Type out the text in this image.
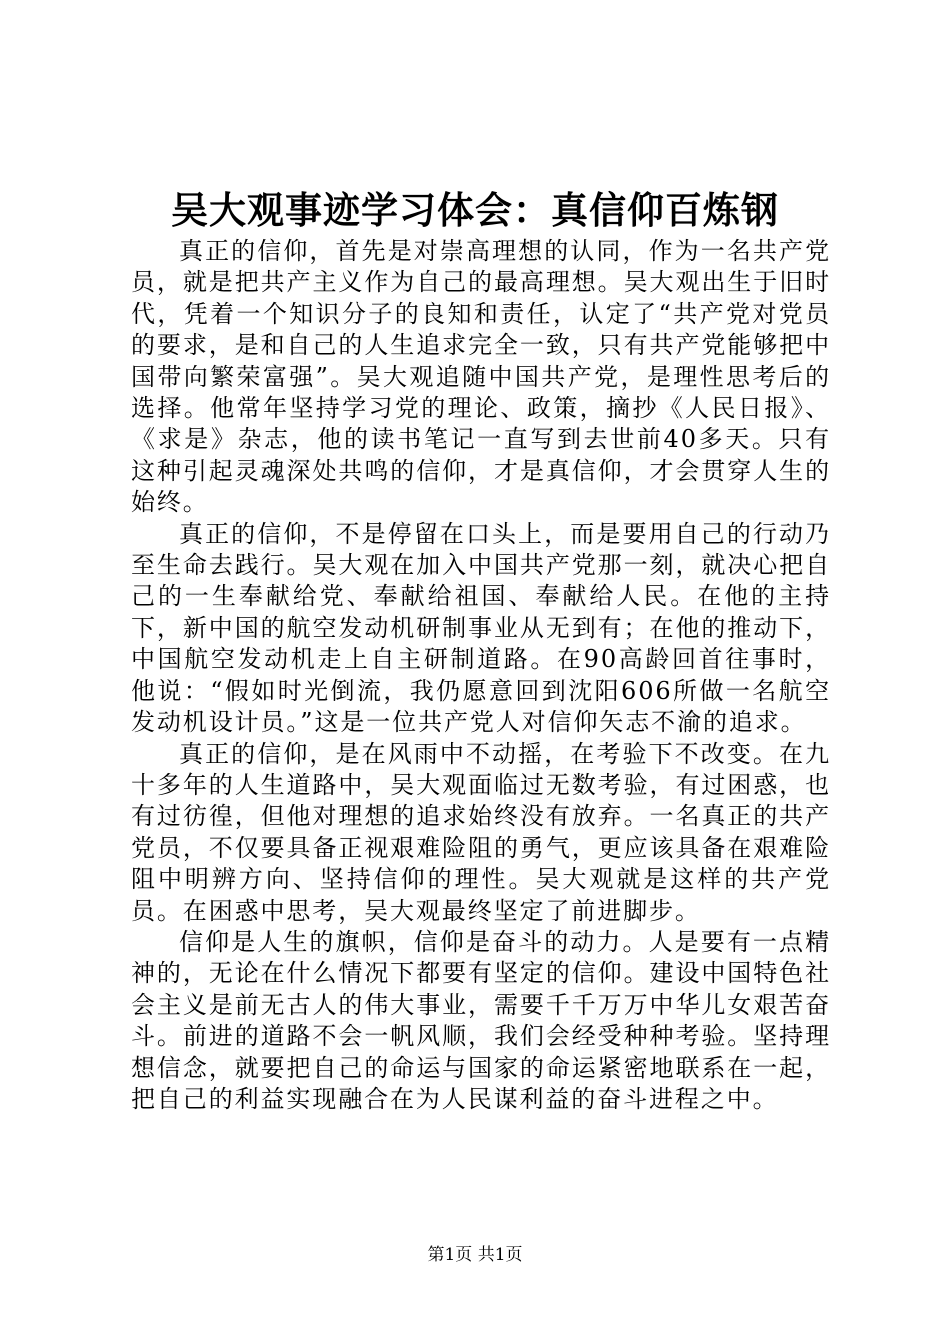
吴大观事迹学习体会：真信仰百炼钢

真正的信仰，首先是对崇高理想的认同，作为一名共产党员，就是把共产主义作为自己的最高理想。吴大观出生于旧时代，凭着一个知识分子的良知和责任，认定了“共产党对党员的要求，是和自己的人生追求完全一致，只有共产党能够把中国带向繁荣富强”。吴大观追随中国共产党，是理性思考后的选择。他常年坚持学习党的理论、政策，摘抄《人民日报》、《求是》杂志，他的读书笔记一直写到去世前40多天。只有这种引起灵魂深处共鸣的信仰，才是真信仰，才会贯穿人生的始终。

真正的信仰，不是停留在口头上，而是要用自己的行动乃至生命去践行。吴大观在加入中国共产党那一刻，就决心把自己的一生奉献给党、奉献给祖国、奉献给人民。在他的主持下，新中国的航空发动机研制事业从无到有；在他的推动下，中国航空发动机走上自主研制道路。在90高龄回首往事时，他说：“假如时光倒流，我仍愿意回到沈阳606所做一名航空发动机设计员。”这是一位共产党人对信仰矢志不渝的追求。

真正的信仰，是在风雨中不动摇，在考验下不改变。在九十多年的人生道路中，吴大观面临过无数考验，有过困惑，也有过彷徨，但他对理想的追求始终没有放弃。一名真正的共产党员，不仅要具备正视艰难险阻的勇气，更应该具备在艰难险阻中明辨方向、坚持信仰的理性。吴大观就是这样的共产党员。在困惑中思考，吴大观最终坚定了前进脚步。

信仰是人生的旗帜，信仰是奋斗的动力。人是要有一点精神的，无论在什么情况下都要有坚定的信仰。建设中国特色社会主义是前无古人的伟大事业，需要千千万万中华儿女艰苦奋斗。前进的道路不会一帆风顺，我们会经受种种考验。坚持理想信念，就要把自己的命运与国家的命运紧密地联系在一起，把自己的利益实现融合在为人民谋利益的奋斗进程之中。

第1页 共1页
